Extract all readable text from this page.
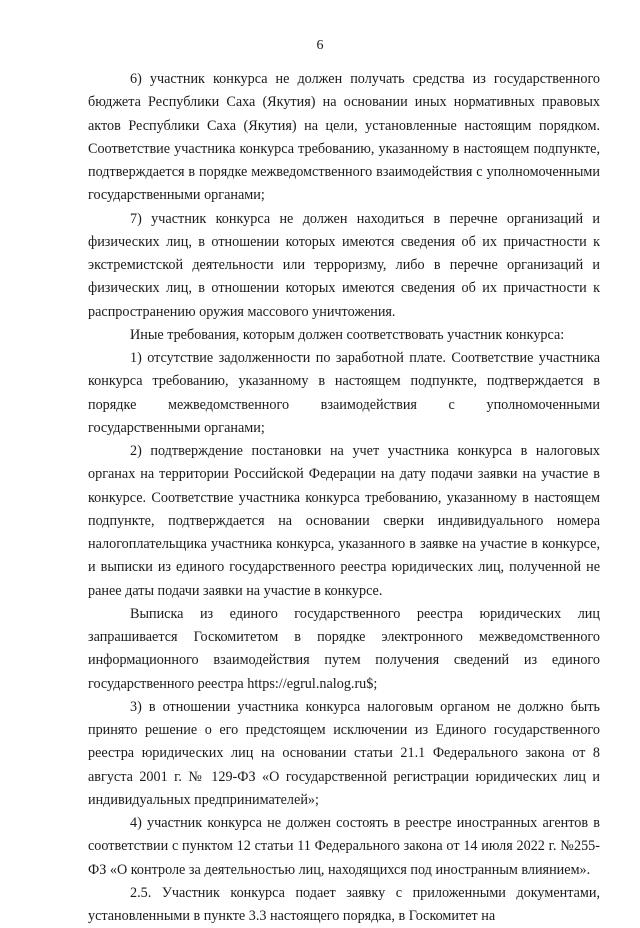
6

6) участник конкурса не должен получать средства из государственного бюджета Республики Саха (Якутия) на основании иных нормативных правовых актов Республики Саха (Якутия) на цели, установленные настоящим порядком. Соответствие участника конкурса требованию, указанному в настоящем подпункте, подтверждается в порядке межведомственного взаимодействия с уполномоченными государственными органами;

7) участник конкурса не должен находиться в перечне организаций и физических лиц, в отношении которых имеются сведения об их причастности к экстремистской деятельности или терроризму, либо в перечне организаций и физических лиц, в отношении которых имеются сведения об их причастности к распространению оружия массового уничтожения.

Иные требования, которым должен соответствовать участник конкурса:

1) отсутствие задолженности по заработной плате. Соответствие участника конкурса требованию, указанному в настоящем подпункте, подтверждается в порядке межведомственного взаимодействия с уполномоченными государственными органами;

2) подтверждение постановки на учет участника конкурса в налоговых органах на территории Российской Федерации на дату подачи заявки на участие в конкурсе. Соответствие участника конкурса требованию, указанному в настоящем подпункте, подтверждается на основании сверки индивидуального номера налогоплательщика участника конкурса, указанного в заявке на участие в конкурсе, и выписки из единого государственного реестра юридических лиц, полученной не ранее даты подачи заявки на участие в конкурсе.

Выписка из единого государственного реестра юридических лиц запрашивается Госкомитетом в порядке электронного межведомственного информационного взаимодействия путем получения сведений из единого государственного реестра https://egrul.nalog.ru$;

3) в отношении участника конкурса налоговым органом не должно быть принято решение о его предстоящем исключении из Единого государственного реестра юридических лиц на основании статьи 21.1 Федерального закона от 8 августа 2001 г. № 129-ФЗ «О государственной регистрации юридических лиц и индивидуальных предпринимателей»;

4) участник конкурса не должен состоять в реестре иностранных агентов в соответствии с пунктом 12 статьи 11 Федерального закона от 14 июля 2022 г. №255-ФЗ «О контроле за деятельностью лиц, находящихся под иностранным влиянием».

2.5. Участник конкурса подает заявку с приложенными документами, установленными в пункте 3.3 настоящего порядка, в Госкомитет на
